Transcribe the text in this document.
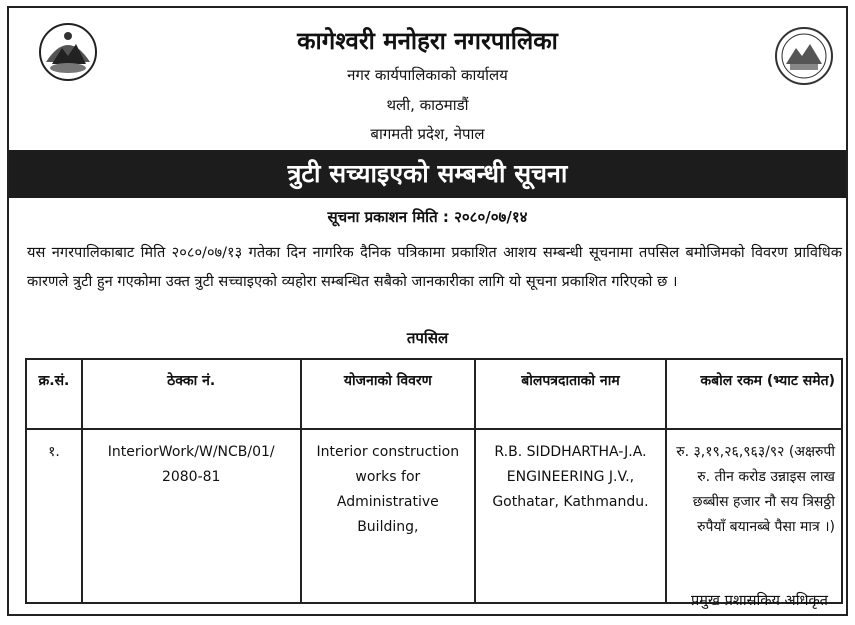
कागेश्वरी मनोहरा नगरपालिका
नगर कार्यपालिकाको कार्यालय
थली, काठमाडौं
बागमती प्रदेश, नेपाल
त्रुटी सच्याइएको सम्बन्धी सूचना
सूचना प्रकाशन मिति : २०८०/०७/१४
यस नगरपालिकाबाट मिति २०८०/०७/१३ गतेका दिन नागरिक दैनिक पत्रिकामा प्रकाशित आशय सम्बन्धी सूचनामा तपसिल बमोजिमको विवरण प्राविधिक कारणले त्रुटी हुन गएकोमा उक्त त्रुटी सच्चाइएको व्यहोरा सम्बन्धित सबैको जानकारीका लागि यो सूचना प्रकाशित गरिएको छ ।
तपसिल
क्र.सं.	ठेक्का नं.	योजनाको विवरण	बोलपत्रदाताको नाम	कबोल रकम (भ्याट समेत)
१.	InteriorWork/W/NCB/01/ 2080-81	Interior construction works for Administrative Building,	R.B. SIDDHARTHA-J.A. ENGINEERING J.V., Gothatar, Kathmandu.	रु. ३,१९,२६,९६३/९२ (अक्षरुपी रु. तीन करोड उन्नाइस लाख छब्बीस हजार नौ सय त्रिसठ्ठी रुपैयाँ बयानब्बे पैसा मात्र ।)
प्रमुख प्रशासकिय अधिकृत
